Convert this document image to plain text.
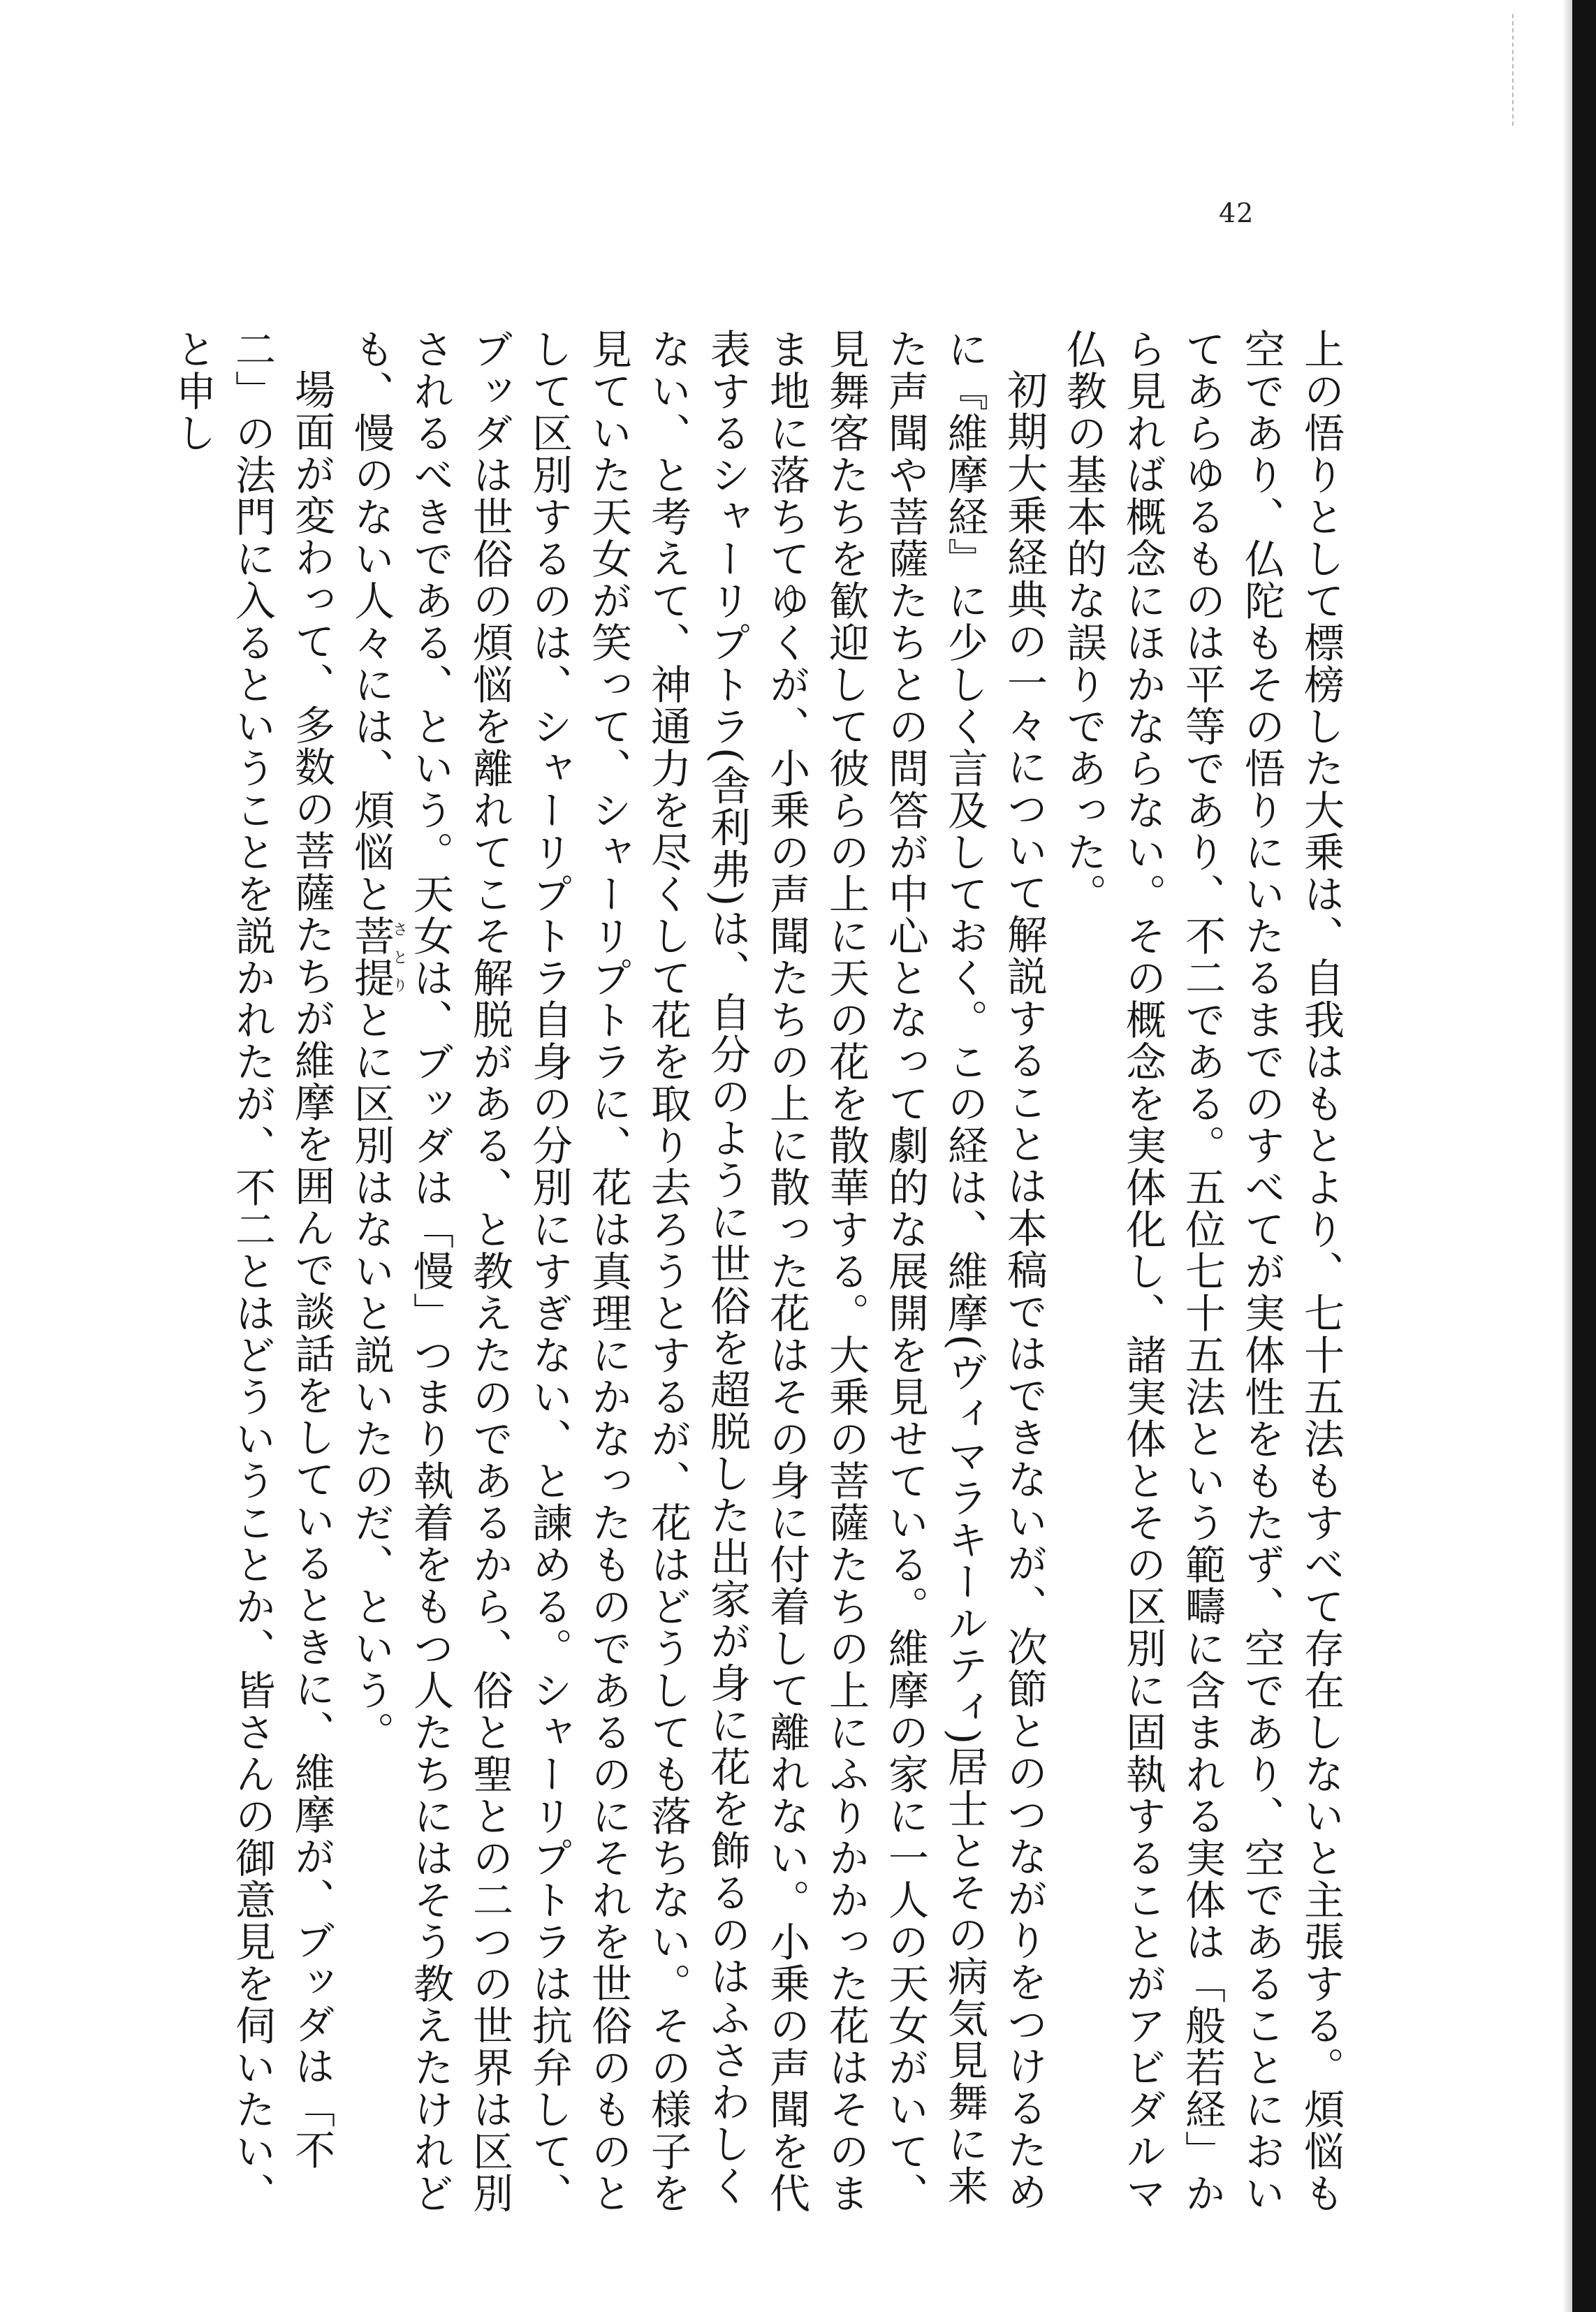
42

上の悟りとして標榜した大乗は、自我はもとより、七十五法もすべて存在しないと主張する。煩悩も空であり、仏陀もその悟りにいたるまでのすべてが実体性をもたず、空であり、空であることにおいてあらゆるものは平等であり、不二である。五位七十五法という範疇に含まれる実体は「般若経」から見れば概念にほかならない。その概念を実体化し、諸実体とその区別に固執することがアビダルマ仏教の基本的な誤りであった。

初期大乗経典の一々について解説することは本稿ではできないが、次節とのつながりをつけるために『維摩経』に少しく言及しておく。この経は、維摩(ヴィマラキールティ)居士とその病気見舞に来た声聞や菩薩たちとの問答が中心となって劇的な展開を見せている。維摩の家に一人の天女がいて、見舞客たちを歓迎して彼らの上に天の花を散華する。大乗の菩薩たちの上にふりかかった花はそのまま地に落ちてゆくが、小乗の声聞たちの上に散った花はその身に付着して離れない。小乗の声聞を代表するシャーリプトラ(舎利弗)は、自分のように世俗を超脱した出家が身に花を飾るのはふさわしくない、と考えて、神通力を尽くして花を取り去ろうとするが、花はどうしても落ちない。その様子を見ていた天女が笑って、シャーリプトラに、花は真理にかなったものであるのにそれを世俗のものとして区別するのは、シャーリプトラ自身の分別にすぎない、と諫める。シャーリプトラは抗弁して、ブッダは世俗の煩悩を離れてこそ解脱がある、と教えたのであるから、俗と聖との二つの世界は区別されるべきである、という。天女は、ブッダは「慢」つまり執着をもつ人たちにはそう教えたけれども、慢のない人々には、煩悩と菩提さとりとに区別はないと説いたのだ、という。

場面が変わって、多数の菩薩たちが維摩を囲んで談話をしているときに、維摩が、ブッダは「不二」の法門に入るということを説かれたが、不二とはどういうことか、皆さんの御意見を伺いたい、と申し
